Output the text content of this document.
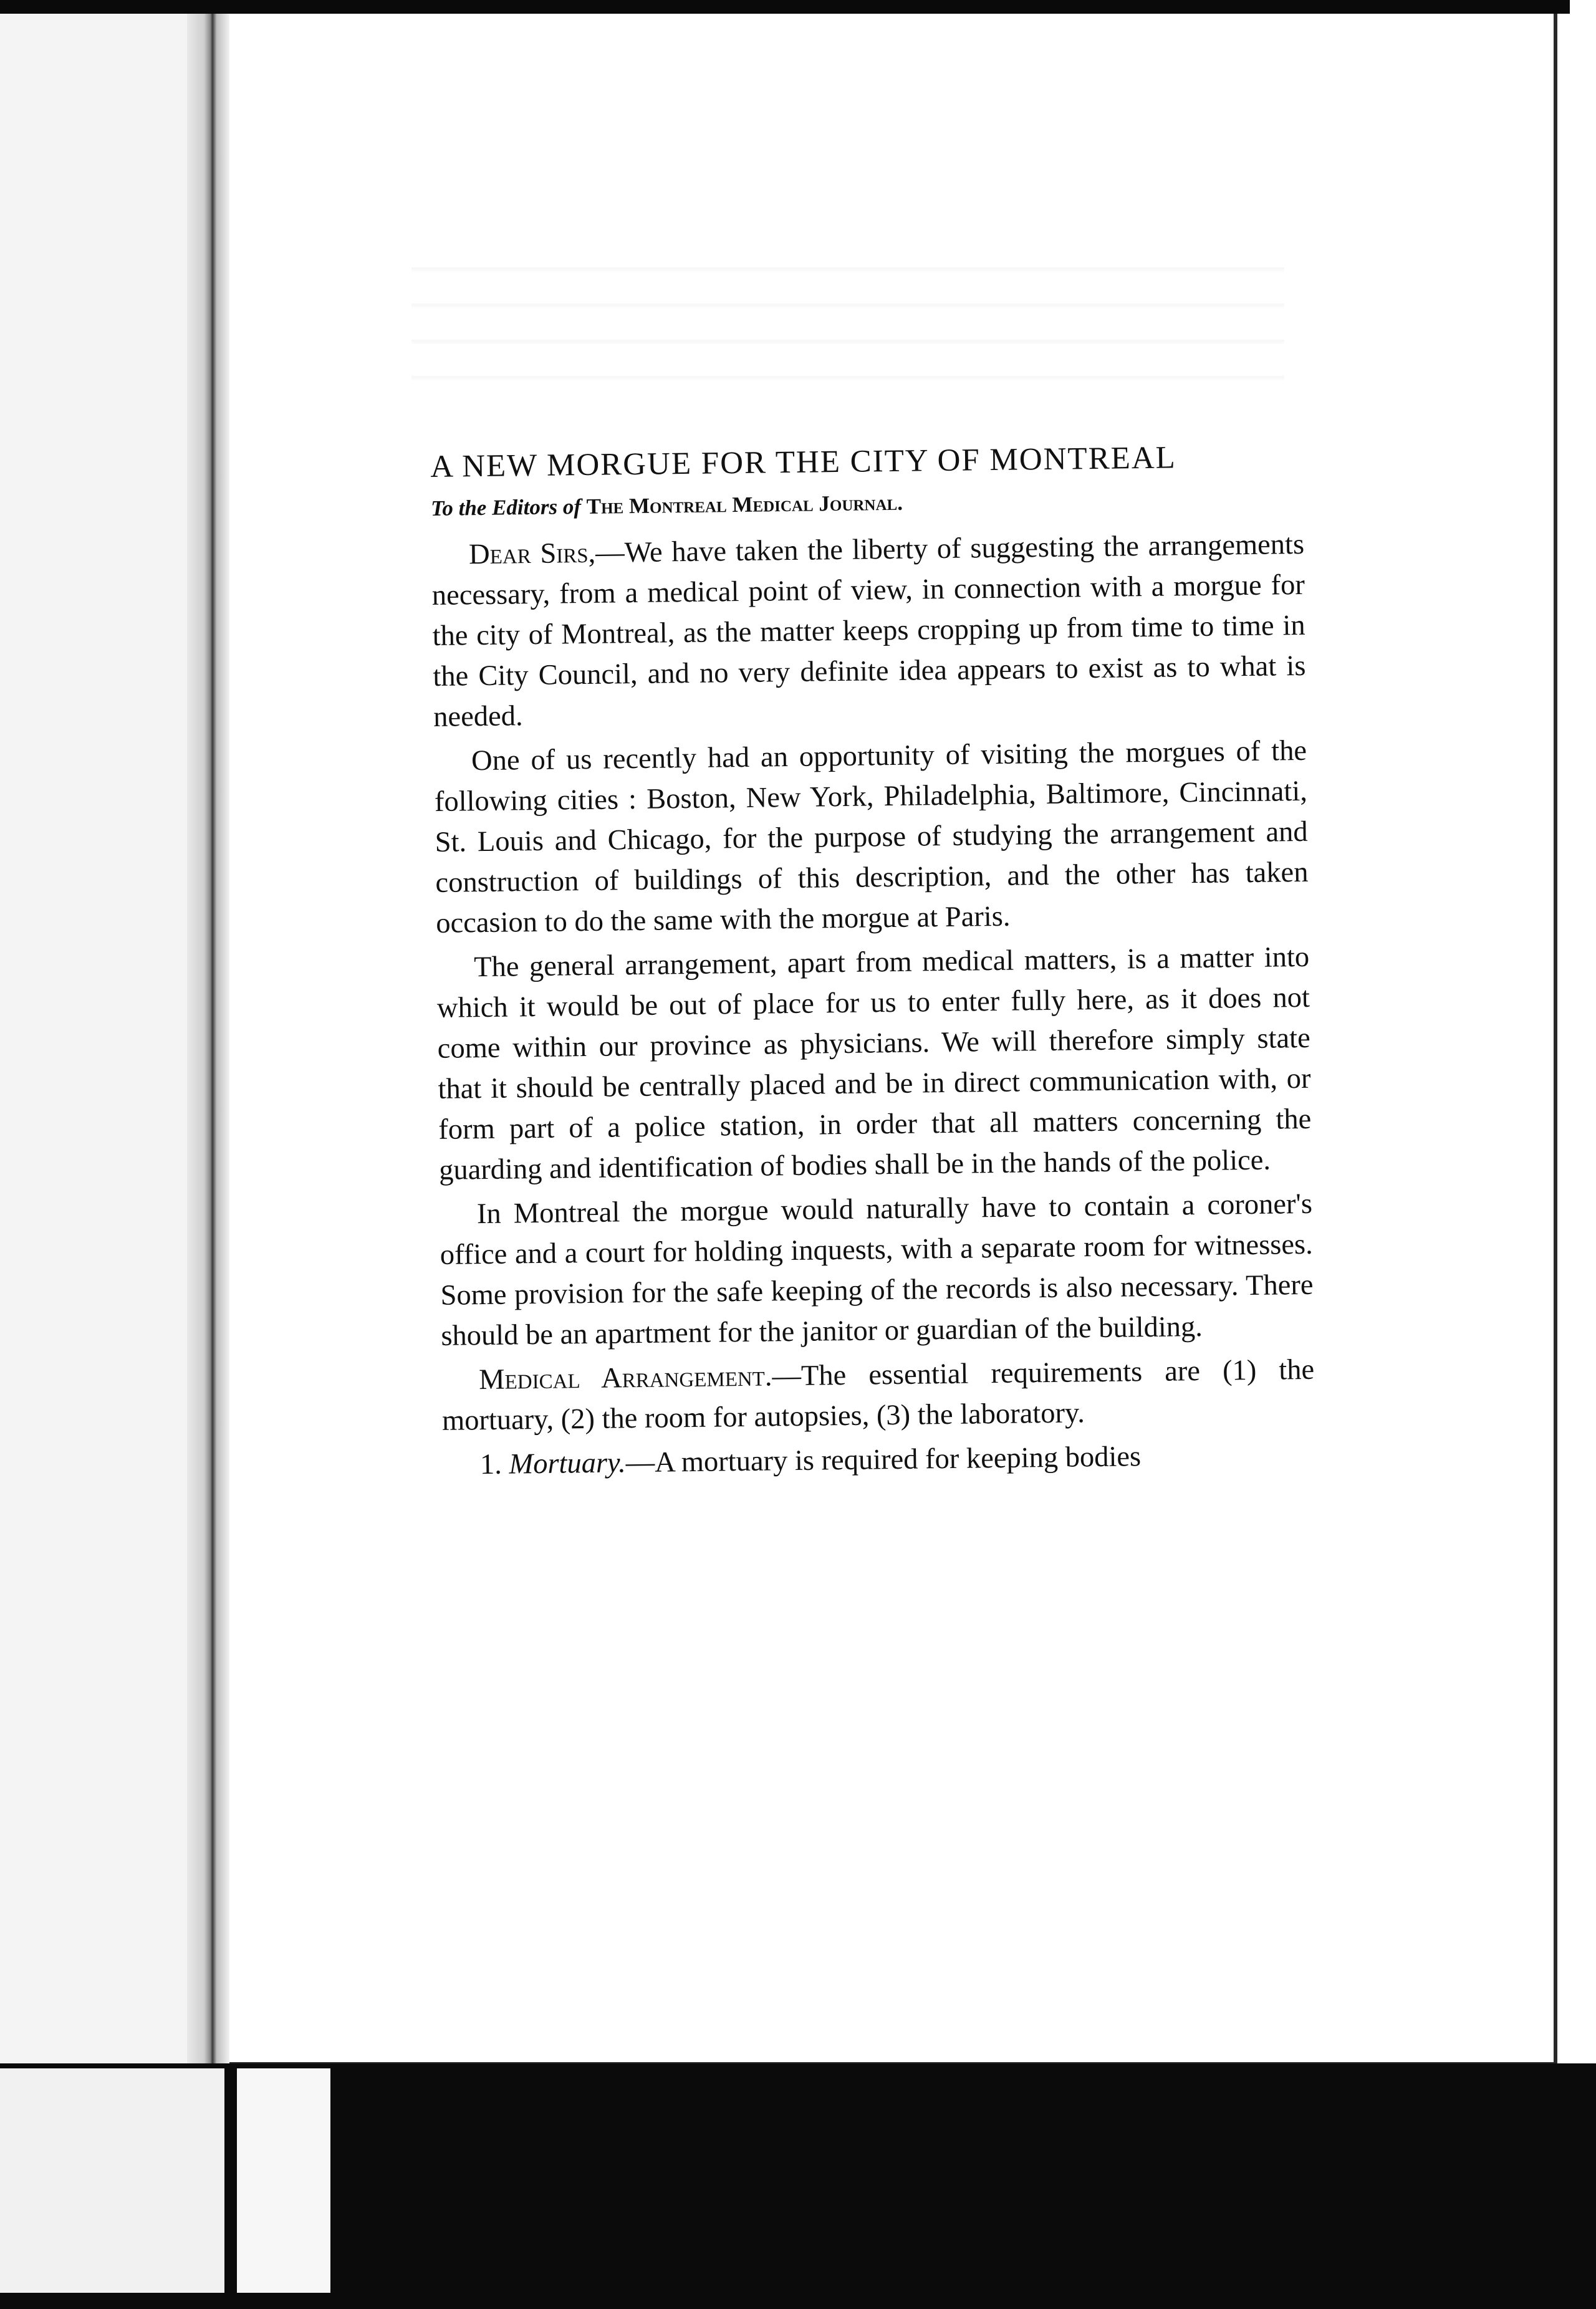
A NEW MORGUE FOR THE CITY OF MONTREAL

To the Editors of The Montreal Medical Journal.

Dear Sirs,—We have taken the liberty of suggesting the arrangements necessary, from a medical point of view, in connection with a morgue for the city of Montreal, as the matter keeps cropping up from time to time in the City Council, and no very definite idea appears to exist as to what is needed.

One of us recently had an opportunity of visiting the morgues of the following cities : Boston, New York, Philadelphia, Baltimore, Cincinnati, St. Louis and Chicago, for the purpose of studying the arrangement and construction of buildings of this description, and the other has taken occasion to do the same with the morgue at Paris.

The general arrangement, apart from medical matters, is a matter into which it would be out of place for us to enter fully here, as it does not come within our province as physicians. We will therefore simply state that it should be centrally placed and be in direct communication with, or form part of a police station, in order that all matters concerning the guarding and identification of bodies shall be in the hands of the police.

In Montreal the morgue would naturally have to contain a coroner's office and a court for holding inquests, with a separate room for witnesses. Some provision for the safe keeping of the records is also necessary. There should be an apartment for the janitor or guardian of the building.

Medical Arrangement.—The essential requirements are (1) the mortuary, (2) the room for autopsies, (3) the laboratory.

1. Mortuary.—A mortuary is required for keeping bodies
